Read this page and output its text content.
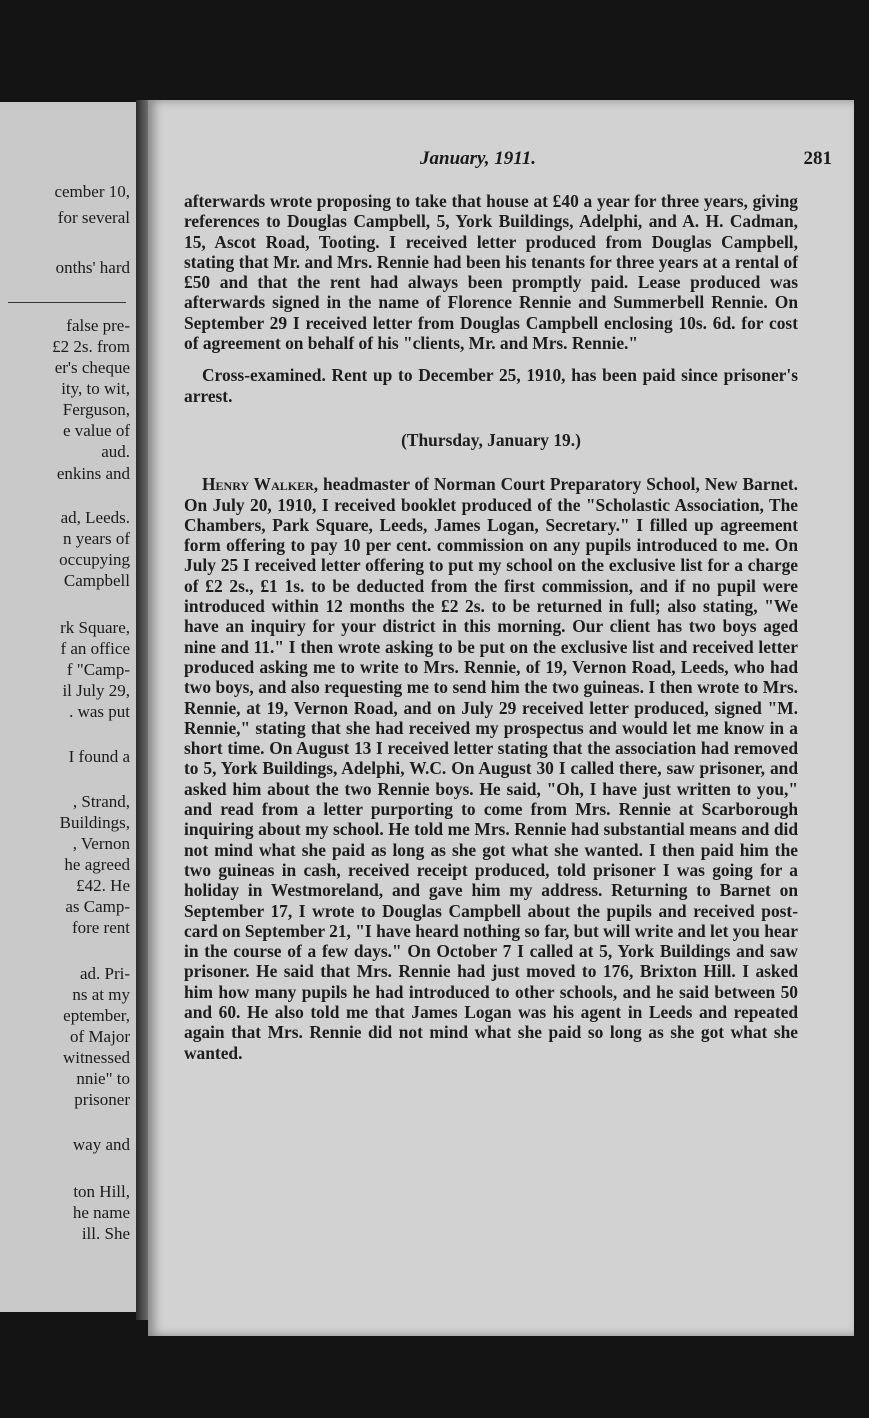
cember 10,
for several
onths' hard
false pre-
£2 2s. from
er's cheque
ity, to wit,
Ferguson,
e value of
aud.
enkins and
ad, Leeds.
n years of
occupying
Campbell
rk Square,
f an office
f "Camp-
il July 29,
. was put
I found a
, Strand,
Buildings,
, Vernon
he agreed
£42. He
as Camp-
fore rent
ad. Pri-
ns at my
eptember,
of Major
witnessed
nnie" to
prisoner
way and
ton Hill,
he name
ill. She
January, 1911.	281

afterwards wrote proposing to take that house at £40 a year for three years, giving references to Douglas Campbell, 5, York Buildings, Adelphi, and A. H. Cadman, 15, Ascot Road, Tooting. I received letter produced from Douglas Campbell, stating that Mr. and Mrs. Rennie had been his tenants for three years at a rental of £50 and that the rent had always been promptly paid. Lease produced was afterwards signed in the name of Florence Rennie and Summerbell Rennie. On September 29 I received letter from Douglas Campbell enclosing 10s. 6d. for cost of agreement on behalf of his "clients, Mr. and Mrs. Rennie."

Cross-examined. Rent up to December 25, 1910, has been paid since prisoner's arrest.

(Thursday, January 19.)

Henry Walker, headmaster of Norman Court Preparatory School, New Barnet. On July 20, 1910, I received booklet produced of the "Scholastic Association, The Chambers, Park Square, Leeds, James Logan, Secretary." I filled up agreement form offering to pay 10 per cent. commission on any pupils introduced to me. On July 25 I received letter offering to put my school on the exclusive list for a charge of £2 2s., £1 1s. to be deducted from the first commission, and if no pupil were introduced within 12 months the £2 2s. to be returned in full; also stating, "We have an inquiry for your district in this morning. Our client has two boys aged nine and 11." I then wrote asking to be put on the exclusive list and received letter produced asking me to write to Mrs. Rennie, of 19, Vernon Road, Leeds, who had two boys, and also requesting me to send him the two guineas. I then wrote to Mrs. Rennie, at 19, Vernon Road, and on July 29 received letter produced, signed "M. Rennie," stating that she had received my prospectus and would let me know in a short time. On August 13 I received letter stating that the association had removed to 5, York Buildings, Adelphi, W.C. On August 30 I called there, saw prisoner, and asked him about the two Rennie boys. He said, "Oh, I have just written to you," and read from a letter purporting to come from Mrs. Rennie at Scarborough inquiring about my school. He told me Mrs. Rennie had substantial means and did not mind what she paid as long as she got what she wanted. I then paid him the two guineas in cash, received receipt produced, told prisoner I was going for a holiday in Westmoreland, and gave him my address. Returning to Barnet on September 17, I wrote to Douglas Campbell about the pupils and received post-card on September 21, "I have heard nothing so far, but will write and let you hear in the course of a few days." On October 7 I called at 5, York Buildings and saw prisoner. He said that Mrs. Rennie had just moved to 176, Brixton Hill. I asked him how many pupils he had introduced to other schools, and he said between 50 and 60. He also told me that James Logan was his agent in Leeds and repeated again that Mrs. Rennie did not mind what she paid so long as she got what she wanted.
